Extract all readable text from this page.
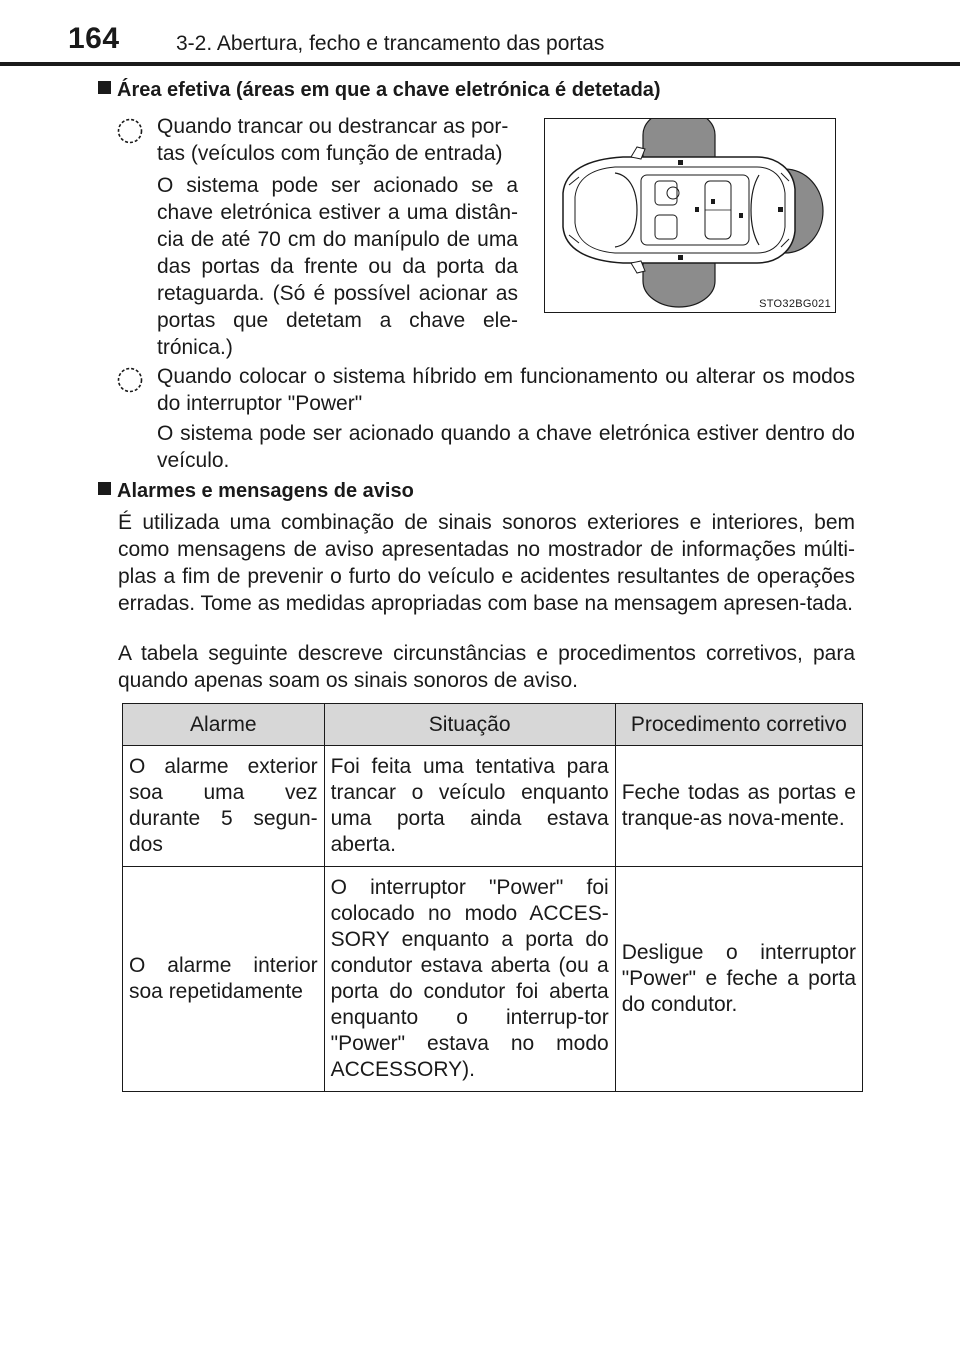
164	3-2. Abertura, fecho e trancamento das portas
Área efetiva (áreas em que a chave eletrónica é detetada)
Quando trancar ou destrancar as por-
tas (veículos com função de entrada)
O sistema pode ser acionado se a chave eletrónica estiver a uma distân-cia de até 70 cm do manípulo de uma das portas da frente ou da porta da retaguarda. (Só é possível acionar as portas que detetam a chave ele-trónica.)
STO32BG021
Quando colocar o sistema híbrido em funcionamento ou alterar os modos do interruptor "Power"
O sistema pode ser acionado quando a chave eletrónica estiver dentro do veículo.
Alarmes e mensagens de aviso
É utilizada uma combinação de sinais sonoros exteriores e interiores, bem como mensagens de aviso apresentadas no mostrador de informações múlti-plas a fim de prevenir o furto do veículo e acidentes resultantes de operações erradas. Tome as medidas apropriadas com base na mensagem apresen-tada.
A tabela seguinte descreve circunstâncias e procedimentos corretivos, para quando apenas soam os sinais sonoros de aviso.
Alarme	Situação	Procedimento corretivo
O alarme exterior soa uma vez durante 5 segun-dos	Foi feita uma tentativa para trancar o veículo enquanto uma porta ainda estava aberta.	Feche todas as portas e tranque-as nova-mente.
O alarme interior soa repetidamente	O interruptor "Power" foi colocado no modo ACCES-SORY enquanto a porta do condutor estava aberta (ou a porta do condutor foi aberta enquanto o interrup-tor "Power" estava no modo ACCESSORY).	Desligue o interruptor "Power" e feche a porta do condutor.
